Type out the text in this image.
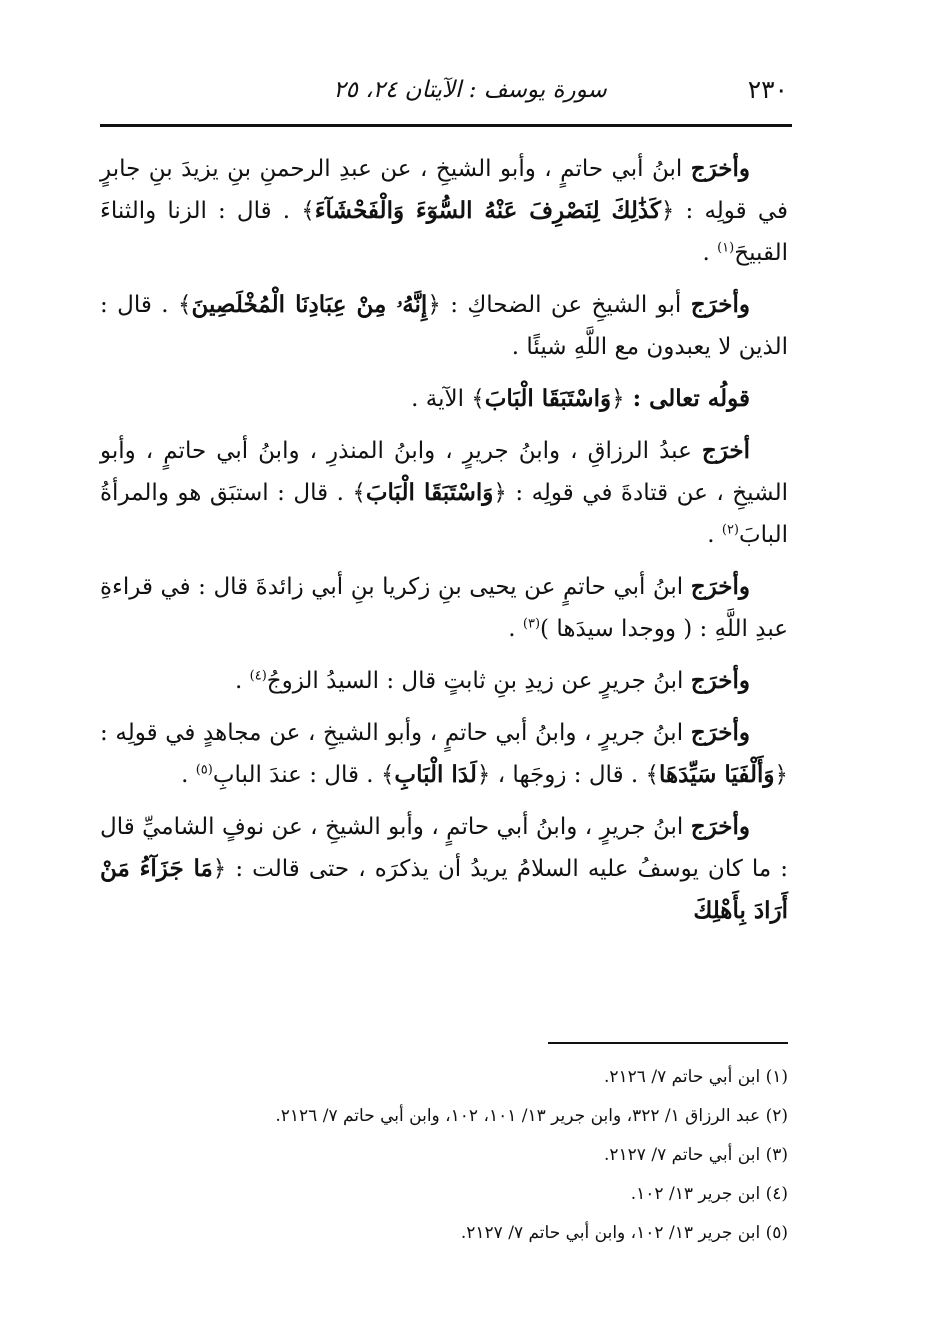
٢٣٠
سورة يوسف : الآيتان ٢٤، ٢٥

وأخرَج ابنُ أبي حاتمٍ ، وأبو الشيخِ ، عن عبدِ الرحمنِ بنِ يزيدَ بنِ جابرٍ في قولِه : ﴿كَذَٰلِكَ لِنَصْرِفَ عَنْهُ السُّوٓءَ وَالْفَحْشَآءَ﴾ . قال : الزنا والثناءَ القبيحَ$^{(١)}$ .

وأخرَج أبو الشيخِ عن الضحاكِ : ﴿إِنَّهُۥ مِنْ عِبَادِنَا الْمُخْلَصِينَ﴾ . قال : الذين لا يعبدون مع اللَّهِ شيئًا .

قولُه تعالى : ﴿وَاسْتَبَقَا الْبَابَ﴾ الآية .

أخرَج عبدُ الرزاقِ ، وابنُ جريرٍ ، وابنُ المنذرِ ، وابنُ أبي حاتمٍ ، وأبو الشيخِ ، عن قتادةَ في قولِه : ﴿وَاسْتَبَقَا الْبَابَ﴾ . قال : استبَق هو والمرأةُ البابَ$^{(٢)}$ .

وأخرَج ابنُ أبي حاتمٍ عن يحيى بنِ زكريا بنِ أبي زائدةَ قال : في قراءةِ عبدِ اللَّهِ : ( ووجدا سيدَها )$^{(٣)}$ .

وأخرَج ابنُ جريرٍ عن زيدِ بنِ ثابتٍ قال : السيدُ الزوجُ$^{(٤)}$ .

وأخرَج ابنُ جريرٍ ، وابنُ أبي حاتمٍ ، وأبو الشيخِ ، عن مجاهدٍ في قولِه : ﴿وَأَلْفَيَا سَيِّدَهَا﴾ . قال : زوجَها ، ﴿لَدَا الْبَابِ﴾ . قال : عندَ البابِ$^{(٥)}$ .

وأخرَج ابنُ جريرٍ ، وابنُ أبي حاتمٍ ، وأبو الشيخِ ، عن نوفٍ الشاميِّ قال : ما كان يوسفُ عليه السلامُ يريدُ أن يذكرَه ، حتى قالت : ﴿مَا جَزَآءُ مَنْ أَرَادَ بِأَهْلِكَ

(١) ابن أبي حاتم ٧/ ٢١٢٦.
(٢) عبد الرزاق ١/ ٣٢٢، وابن جرير ١٣/ ١٠١، ١٠٢، وابن أبي حاتم ٧/ ٢١٢٦.
(٣) ابن أبي حاتم ٧/ ٢١٢٧.
(٤) ابن جرير ١٣/ ١٠٢.
(٥) ابن جرير ١٣/ ١٠٢، وابن أبي حاتم ٧/ ٢١٢٧.
